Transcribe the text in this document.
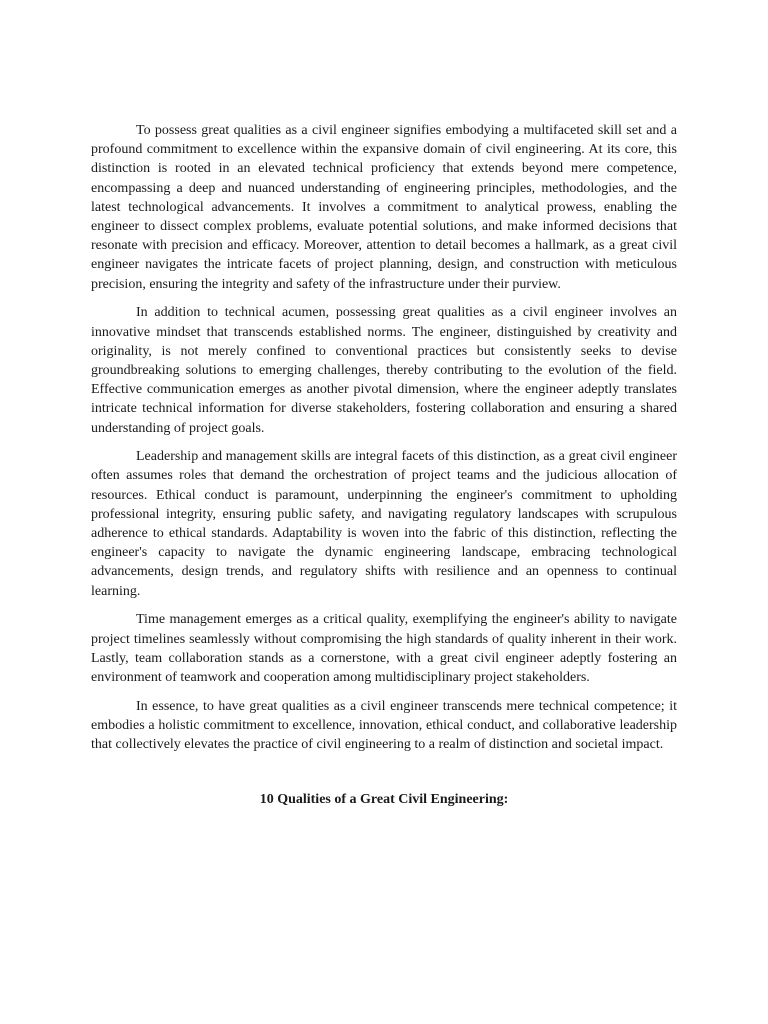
To possess great qualities as a civil engineer signifies embodying a multifaceted skill set and a profound commitment to excellence within the expansive domain of civil engineering. At its core, this distinction is rooted in an elevated technical proficiency that extends beyond mere competence, encompassing a deep and nuanced understanding of engineering principles, methodologies, and the latest technological advancements. It involves a commitment to analytical prowess, enabling the engineer to dissect complex problems, evaluate potential solutions, and make informed decisions that resonate with precision and efficacy. Moreover, attention to detail becomes a hallmark, as a great civil engineer navigates the intricate facets of project planning, design, and construction with meticulous precision, ensuring the integrity and safety of the infrastructure under their purview.

In addition to technical acumen, possessing great qualities as a civil engineer involves an innovative mindset that transcends established norms. The engineer, distinguished by creativity and originality, is not merely confined to conventional practices but consistently seeks to devise groundbreaking solutions to emerging challenges, thereby contributing to the evolution of the field. Effective communication emerges as another pivotal dimension, where the engineer adeptly translates intricate technical information for diverse stakeholders, fostering collaboration and ensuring a shared understanding of project goals.

Leadership and management skills are integral facets of this distinction, as a great civil engineer often assumes roles that demand the orchestration of project teams and the judicious allocation of resources. Ethical conduct is paramount, underpinning the engineer's commitment to upholding professional integrity, ensuring public safety, and navigating regulatory landscapes with scrupulous adherence to ethical standards. Adaptability is woven into the fabric of this distinction, reflecting the engineer's capacity to navigate the dynamic engineering landscape, embracing technological advancements, design trends, and regulatory shifts with resilience and an openness to continual learning.

Time management emerges as a critical quality, exemplifying the engineer's ability to navigate project timelines seamlessly without compromising the high standards of quality inherent in their work. Lastly, team collaboration stands as a cornerstone, with a great civil engineer adeptly fostering an environment of teamwork and cooperation among multidisciplinary project stakeholders.

In essence, to have great qualities as a civil engineer transcends mere technical competence; it embodies a holistic commitment to excellence, innovation, ethical conduct, and collaborative leadership that collectively elevates the practice of civil engineering to a realm of distinction and societal impact.

10 Qualities of a Great Civil Engineering:
